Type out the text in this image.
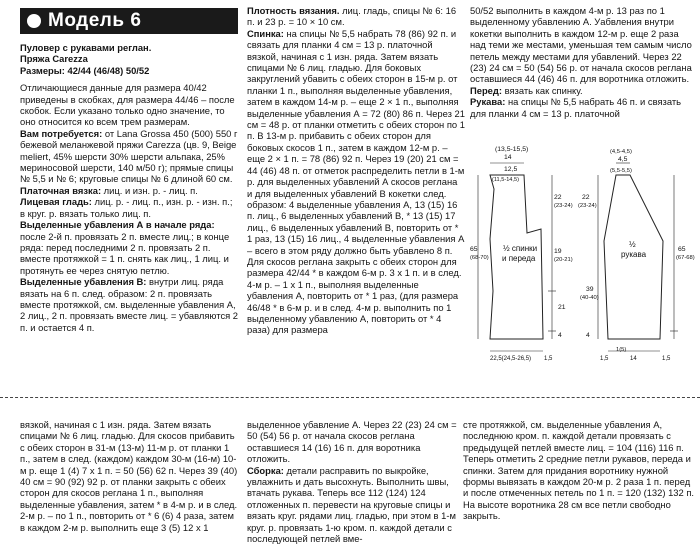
Модель 6

Пуловер с рукавами реглан.

Пряжа Carezza

Размеры: 42/44 (46/48) 50/52

Отличающиеся данные для размера 40/42 приведены в скобках, для размера 44/46 – после скобок. Если указано только одно значение, то оно относится ко всем трем размерам.

Вам потребуется: от Lana Grossa 450 (500) 550 г бежевой меланжевой пряжи Carezza (цв. 9, Beige meliert, 45% шерсти 30% шерсти альпака, 25% мериносовой шерсти, 140 м/50 г); прямые спицы № 5,5 и № 6; круговые спицы № 6 длиной 60 см.

Платочная вязка: лиц. и изн. р. - лиц. п.

Лицевая гладь: лиц. р. - лиц. п., изн. р. - изн. п.; в круг. р. вязать только лиц. п.

Выделенные убавления А в начале ряда: после 2-й п. провязать 2 п. вместе лиц.; в конце ряда: перед последними 2 п. провязать 2 п. вместе протяжкой = 1 п. снять как лиц., 1 лиц. и протянуть ее через снятую петлю.

Выделенные убавления В: внутри лиц. ряда вязать на 6 п. след. образом: 2 п. провязать вместе протяжкой, см. выделенные убавления А, 2 лиц., 2 п. провязать вместе лиц. = убавляются 2 п. и остается 4 п.

Плотность вязания. лиц. гладь, спицы № 6: 16 п. и 23 р. = 10 × 10 см.

Спинка: на спицы № 5,5 набрать 78 (86) 92 п. и связать для планки 4 см = 13 р. платочной вязкой, начиная с 1 изн. ряда. Затем вязать спицами № 6 лиц. гладью. Для боковых закруглений убавить с обеих сторон в 15-м р. от планки 1 п., выполняя выделенные убавления, затем в каждом 14-м р. – еще 2 × 1 п., выполняя выделенные убавления А = 72 (80) 86 п. Через 21 см = 48 р. от планки отметить с обеих сторон по 1 п. В 13-м р. прибавить с обеих сторон для боковых скосов 1 п., затем в каждом 12-м р. – еще 2 × 1 п. = 78 (86) 92 п. Через 19 (20) 21 см = 44 (46) 48 п. от отметок распределить петли в 1-м р. для выделенных убавлений А скосов реглана и для выделенных убавлений В кокетки след. образом: 4 выделенные убавления А, 13 (15) 16 п. лиц., 6 выделенных убавлений В, * 13 (15) 17 лиц., 6 выделенных убавлений В, повторить от * 1 раз, 13 (15) 16 лиц., 4 выделенные убавления А – всего в этом ряду должно быть убавлено 8 п. Для скосов реглана закрыть с обеих сторон для размера 42/44 * в каждом 6-м р. 3 х 1 п. и в след. 4-м р. – 1 х 1 п., выполняя выделенные убавления А, повторить от * 1 раз, (для размера 46/48 * в 6-м р. и в след. 4-м р. выполнить по 1 выделенному убавлению А, повторить от * 4 раза) для размера

50/52 выполнить в каждом 4-м р. 13 раз по 1 выделенному убавлению А. Уабвления внутри кокетки выполнить в каждом 12-м р. еще 2 раза над теми же местами, уменьшая тем самым число петель между местами для убавлений. Через 22 (23) 24 см = 50 (54) 56 р. от начала скосов реглана оставшиеся 44 (46) 46 п. для воротника отложить.

Перед: вязать как спинку.

Рукава: на спицы № 5,5 набрать 46 п. и связать для планки 4 см = 13 р. платочной

(13,5-15,5)
14
12,5
(11,5-14,5)
(4,5-4,5)
4,5
(5,5-5,5)
22
(23-24)
19
(20-21)
21
4
65
(68-70)
½ спинки
и переда
22
(23-24)
½
рукава
39
(40-40)
65
(67-68)
4
22,5(24,5-26,5) 1,5	14
1(5)
1,5	1,5

вязкой, начиная с 1 изн. ряда. Затем вязать спицами № 6 лиц. гладью. Для скосов прибавить с обеих сторон в 31-м (13-м) 11-м р. от планки 1 п., затем в след. (каждом) каждом 30-м (16-м) 10-м р. еще 1 (4) 7 х 1 п. = 50 (56) 62 п. Через 39 (40) 40 см = 90 (92) 92 р. от планки закрыть с обеих сторон для скосов реглана 1 п., выполняя выделенные убавления, затем * в 4-м р. и в след. 2-м р. – по 1 п., повторить от * 6 (6) 4 раза, затем в каждом 2-м р. выполнить еще 3 (5) 12 х 1

выделенное убавление А. Через 22 (23) 24 см = 50 (54) 56 р. от начала скосов реглана оставшиеся 14 (16) 16 п. для воротника отложить.

Сборка: детали расправить по выкройке, увлажнить и дать высохнуть. Выполнить швы, втачать рукава. Теперь все 112 (124) 124 отложенных п. перевести на круговые спицы и вязать круг. рядами лиц. гладью, при этом в 1-м круг. р. провязать 1-ю кром. п. каждой детали с последующей петлей вме-

сте протяжкой, см. выделенные убавления А, последнюю кром. п. каждой детали провязать с предыдущей петлей вместе лиц. = 104 (116) 116 п. Теперь отметить 2 средние петли рукавов, переда и спинки. Затем для придания воротнику нужной формы вывязать в каждом 20-м р. 2 раза 1 п. перед и после отмеченных петель по 1 п. = 120 (132) 132 п. На высоте воротника 28 см все петли свободно закрыть.
